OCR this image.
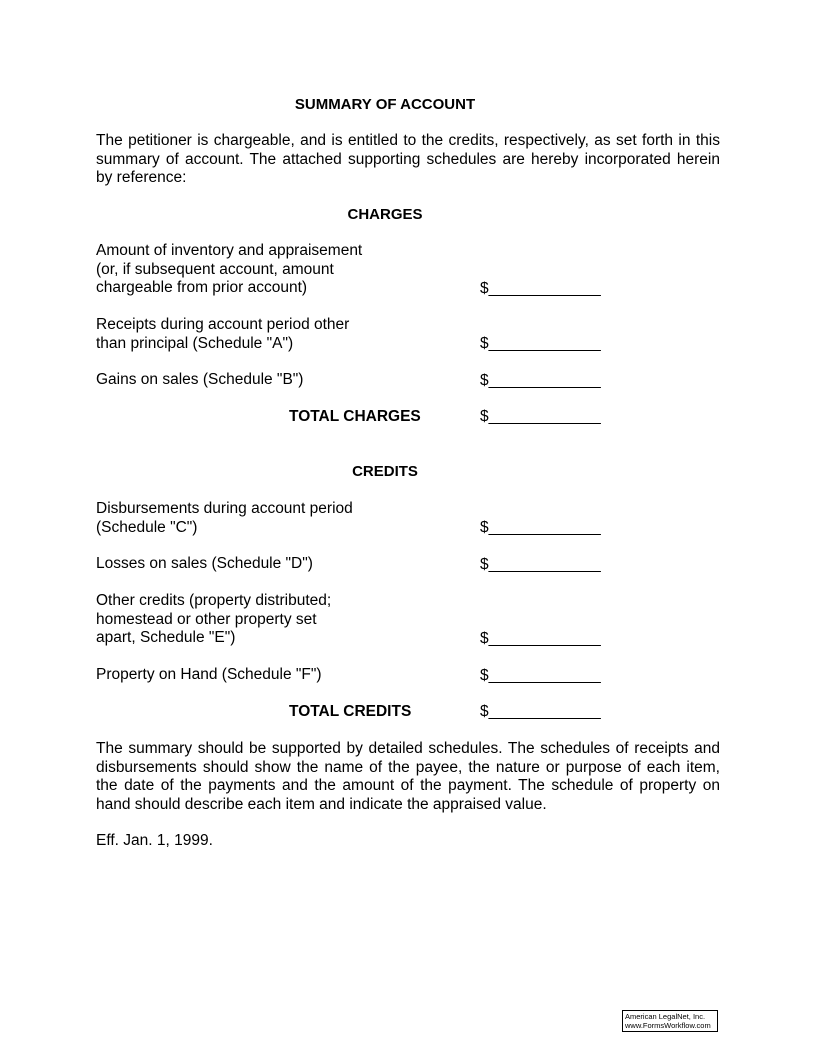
SUMMARY OF ACCOUNT

The petitioner is chargeable, and is entitled to the credits, respectively, as set forth in this summary of account. The attached supporting schedules are hereby incorporated herein by reference:

CHARGES
Amount of inventory and appraisement
(or, if subsequent account, amount
chargeable from prior account)	$_____________
Receipts during account period other
than principal (Schedule "A")	$_____________
Gains on sales (Schedule "B")	$_____________
TOTAL CHARGES	$_____________
CREDITS
Disbursements during account period
(Schedule "C")	$_____________
Losses on sales (Schedule "D")	$_____________
Other credits (property distributed;
homestead or other property set
apart, Schedule "E")	$_____________
Property on Hand (Schedule "F")	$_____________
TOTAL CREDITS	$_____________

The summary should be supported by detailed schedules. The schedules of receipts and disbursements should show the name of the payee, the nature or purpose of each item, the date of the payments and the amount of the payment. The schedule of property on hand should describe each item and indicate the appraised value.

Eff. Jan. 1, 1999.
American LegalNet, Inc.
www.FormsWorkflow.com
